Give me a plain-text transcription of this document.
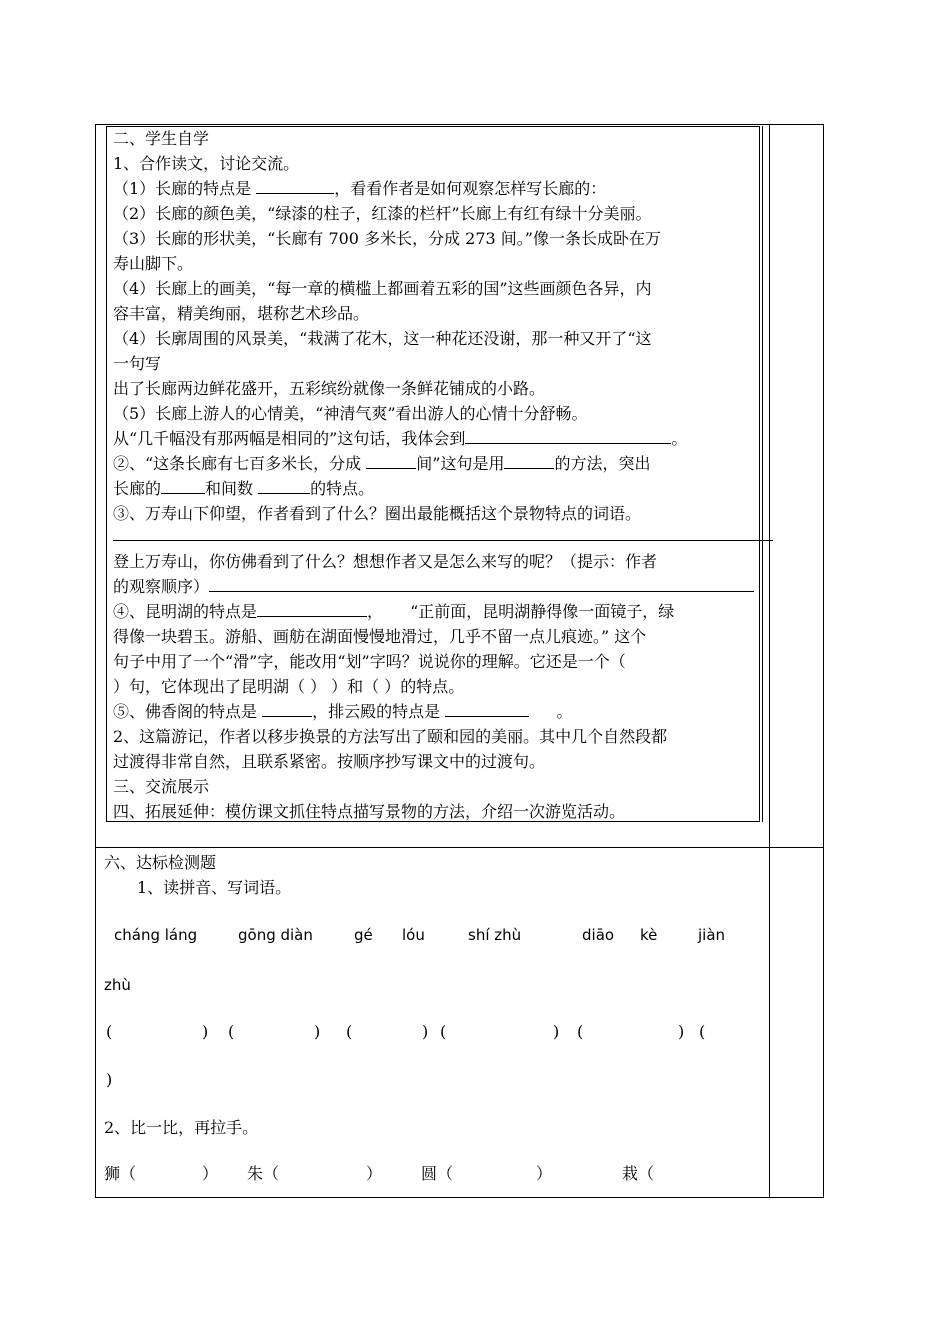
二、学生自学
1、合作读文，讨论交流。
（1）长廊的特点是	，看看作者是如何观察怎样写长廊的：
（2）长廊的颜色美，“绿漆的柱子，红漆的栏杆”长廊上有红有绿十分美丽。
（3）长廊的形状美，“长廊有 700 多米长，分成 273 间。”像一条长成卧在万
寿山脚下。
（4）长廊上的画美，“每一章的横槛上都画着五彩的国”这些画颜色各异，内
容丰富，精美绚丽，堪称艺术珍品。
（4）长廓周围的风景美，“栽满了花木，这一种花还没谢，那一种又开了“这
一句写
出了长廊两边鲜花盛开，五彩缤纷就像一条鲜花铺成的小路。
（5）长廊上游人的心情美，“神清气爽”看出游人的心情十分舒畅。
从“几千幅没有那两幅是相同的”这句话，我体会到	。
②、“这条长廊有七百多米长，分成	间”这句是用	的方法，突出
长廊的	和间数	的特点。
③、万寿山下仰望，作者看到了什么？圈出最能概括这个景物特点的词语。
登上万寿山，你仿佛看到了什么？想想作者又是怎么来写的呢？（提示：作者
的观察顺序）
④、昆明湖的特点是	， “正前面，昆明湖静得像一面镜子，绿
得像一块碧玉。游船、画舫在湖面慢慢地滑过，几乎不留一点儿痕迹。” 这个
句子中用了一个“滑”字，能改用“划”字吗？说说你的理解。它还是一个（
）句，它体现出了昆明湖（ ） ）和（ ）的特点。
⑤、佛香阁的特点是	，排云殿的特点是	。
2、这篇游记，作者以移步换景的方法写出了颐和园的美丽。其中几个自然段都
过渡得非常自然，且联系紧密。按顺序抄写课文中的过渡句。
三、交流展示
四、拓展延伸：模仿课文抓住特点描写景物的方法，介绍一次游览活动。
六、达标检测题
1、读拼音、写词语。
cháng láng	gōng diàn	gé lóu	shí zhù	diāo kè	jiàn
zhù
(	) (	) (	) (	) (	) (
)
2、比一比，再拉手。
狮（	） 朱（	） 圆（	）	栽（
